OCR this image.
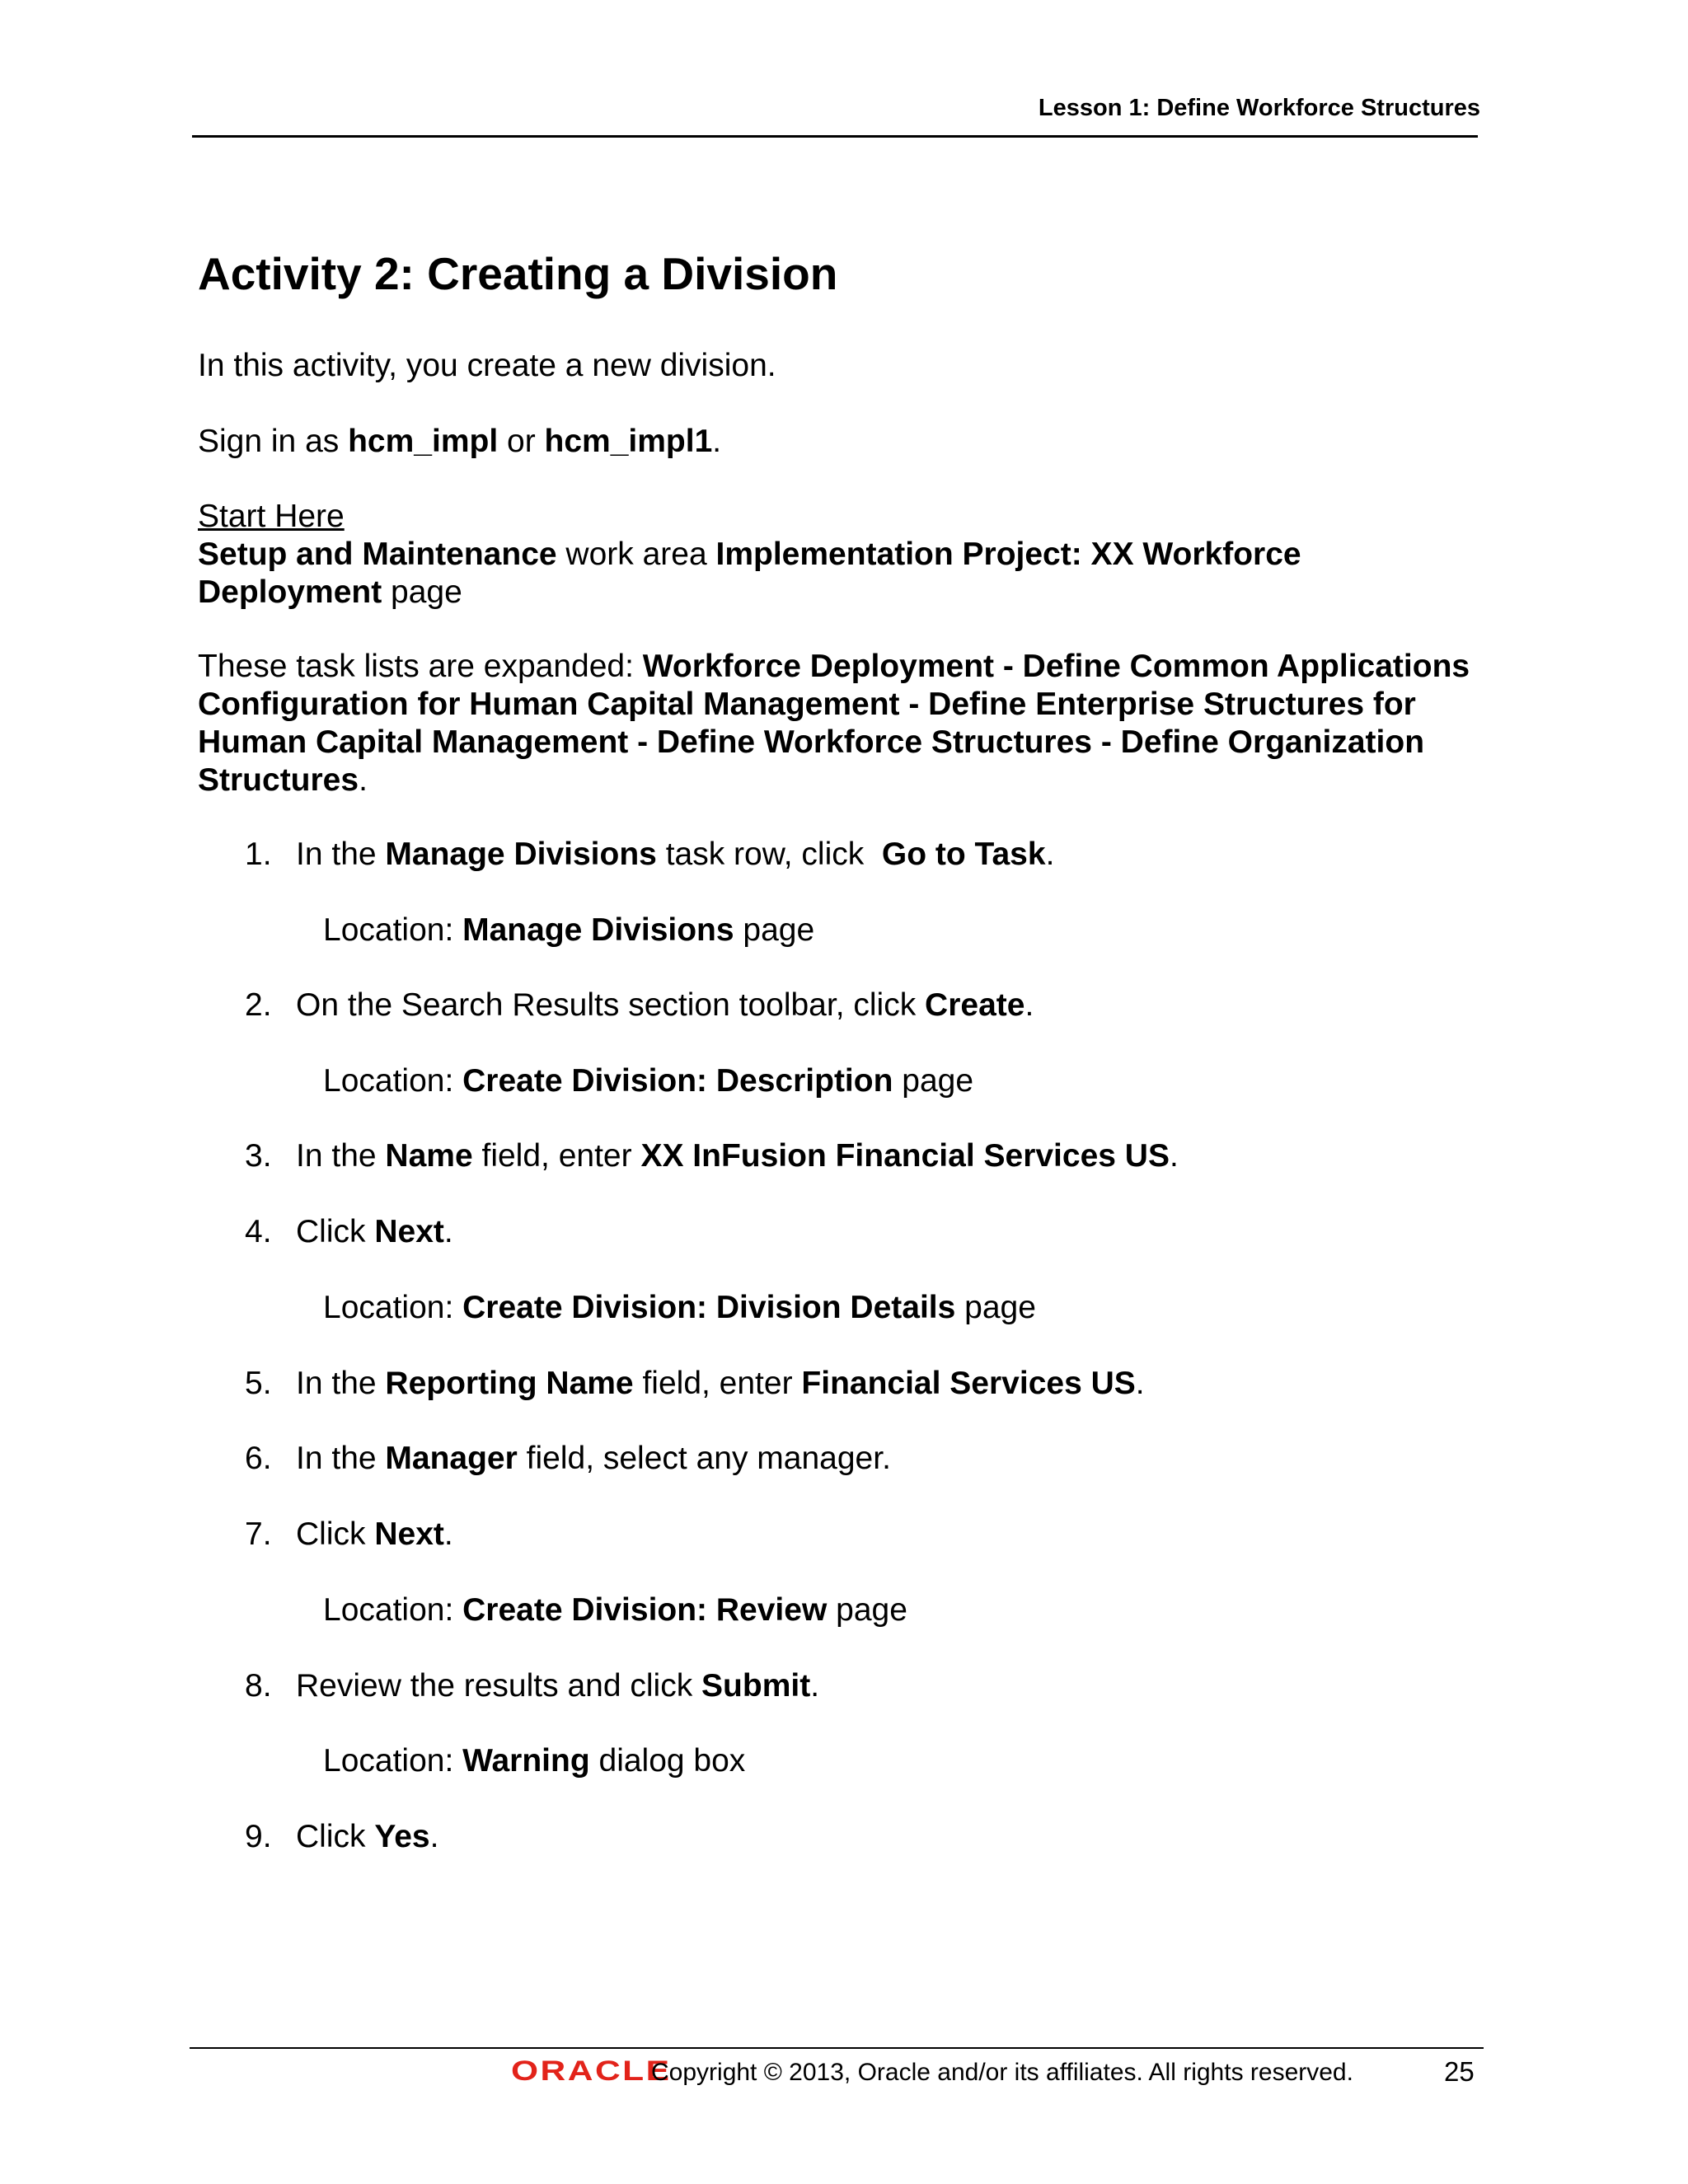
Lesson 1: Define Workforce Structures
Activity 2: Creating a Division
In this activity, you create a new division.
Sign in as hcm_impl or hcm_impl1.
Start Here
Setup and Maintenance work area Implementation Project: XX Workforce Deployment page
These task lists are expanded: Workforce Deployment - Define Common Applications Configuration for Human Capital Management - Define Enterprise Structures for Human Capital Management - Define Workforce Structures - Define Organization Structures.
1. In the Manage Divisions task row, click  Go to Task.
Location: Manage Divisions page
2. On the Search Results section toolbar, click Create.
Location: Create Division: Description page
3. In the Name field, enter XX InFusion Financial Services US.
4. Click Next.
Location: Create Division: Division Details page
5. In the Reporting Name field, enter Financial Services US.
6. In the Manager field, select any manager.
7. Click Next.
Location: Create Division: Review page
8. Review the results and click Submit.
Location: Warning dialog box
9. Click Yes.
ORACLE
Copyright © 2013, Oracle and/or its affiliates. All rights reserved.	25
